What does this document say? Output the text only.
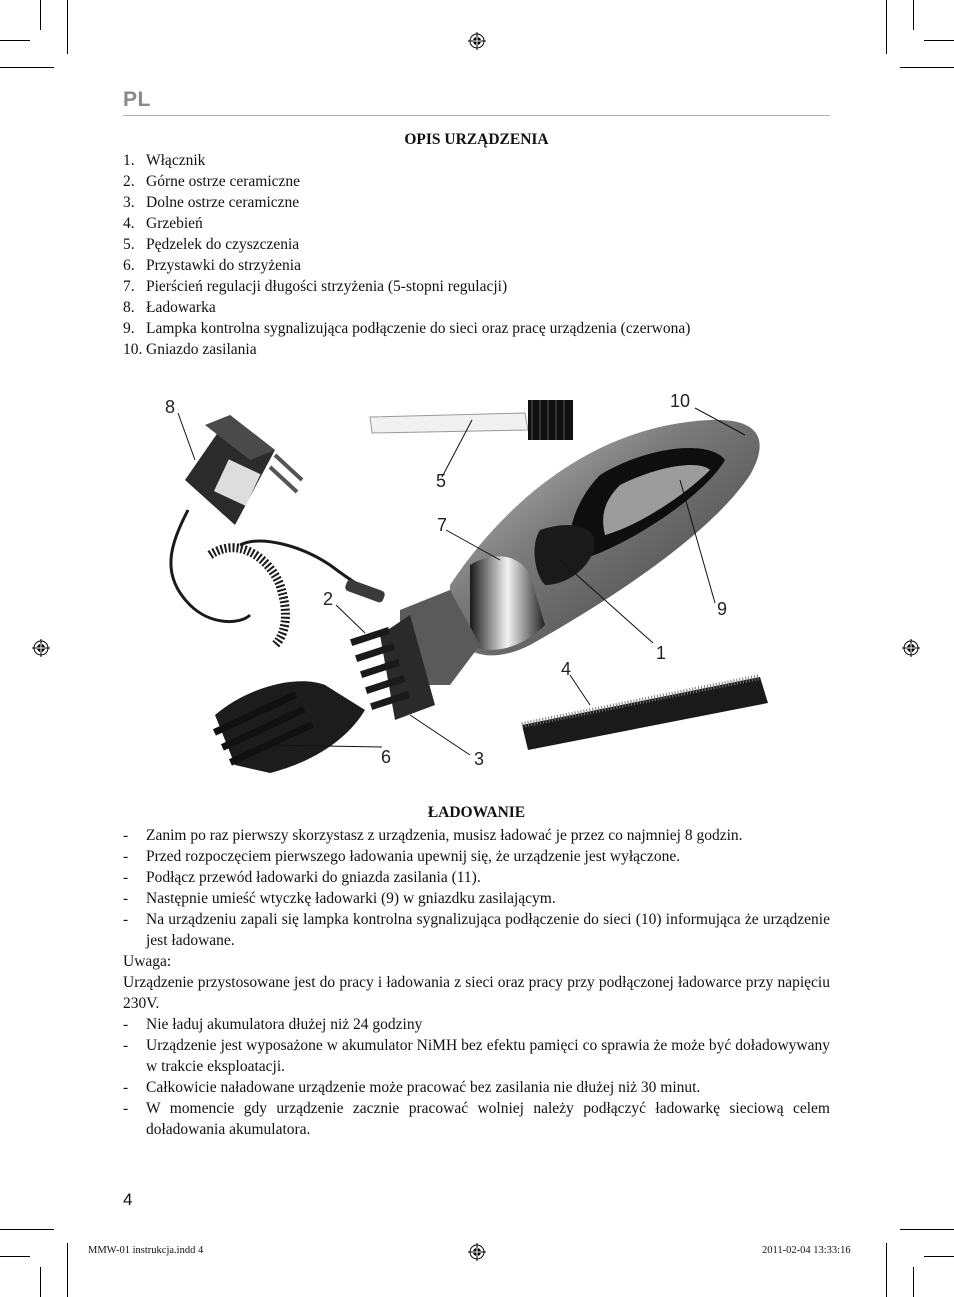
PL
OPIS URZĄDZENIA
1. Włącznik
2. Górne ostrze ceramiczne
3. Dolne ostrze ceramiczne
4. Grzebień
5. Pędzelek do czyszczenia
6. Przystawki do strzyżenia
7. Pierścień regulacji długości strzyżenia (5-stopni regulacji)
8. Ładowarka
9. Lampka kontrolna sygnalizująca podłączenie do sieci oraz pracę urządzenia (czerwona)
10. Gniazdo zasilania
8	10
5
7
2	9
1
4
6	3
ŁADOWANIE
-	Zanim po raz pierwszy skorzystasz z urządzenia, musisz ładować je przez co najmniej 8 godzin.
-	Przed rozpoczęciem pierwszego ładowania upewnij się, że urządzenie jest wyłączone.
-	Podłącz przewód ładowarki do gniazda zasilania (11).
-	Następnie umieść wtyczkę ładowarki (9) w gniazdku zasilającym.
-	Na urządzeniu zapali się lampka kontrolna sygnalizująca podłączenie do sieci (10) informująca że urządzenie jest ładowane.
Uwaga:
Urządzenie przystosowane jest do pracy i ładowania z sieci oraz pracy przy podłączonej ładowarce przy napięciu 230V.
-	Nie ładuj akumulatora dłużej niż 24 godziny
-	Urządzenie jest wyposażone w akumulator NiMH bez efektu pamięci co sprawia że może być doładowywany w trakcie eksploatacji.
-	Całkowicie naładowane urządzenie może pracować bez zasilania nie dłużej niż 30 minut.
-	W momencie gdy urządzenie zacznie pracować wolniej należy podłączyć ładowarkę sieciową celem doładowania akumulatora.
4
MMW-01 instrukcja.indd 4	2011-02-04 13:33:16
